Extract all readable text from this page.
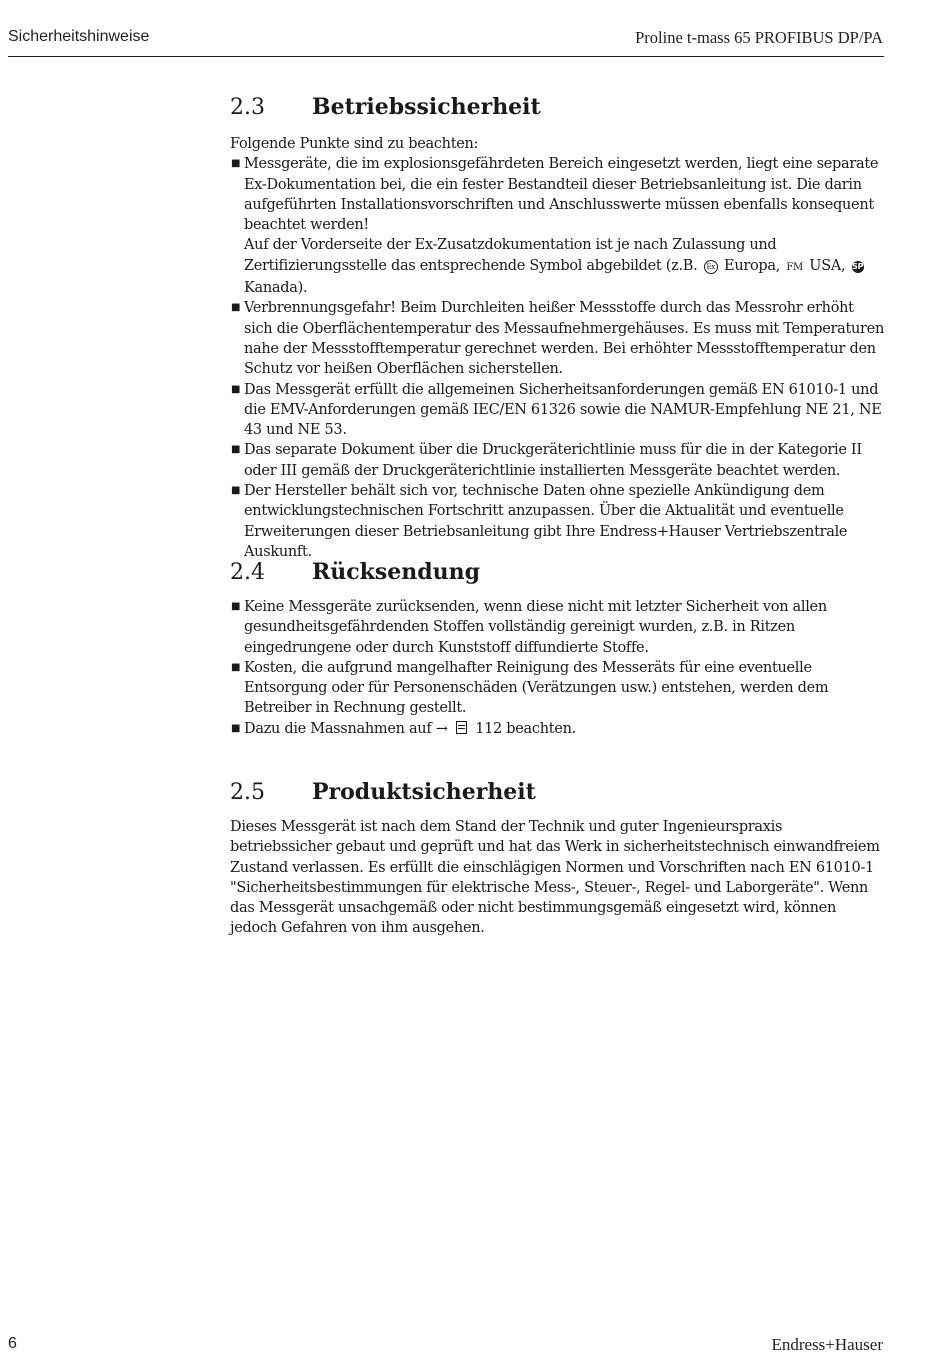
Sicherheitshinweise	Proline t-mass 65 PROFIBUS DP/PA
2.3 Betriebssicherheit
Folgende Punkte sind zu beachten:
■ Messgeräte, die im explosionsgefährdeten Bereich eingesetzt werden, liegt eine separate Ex-Dokumentation bei, die ein fester Bestandteil dieser Betriebsanleitung ist. Die darin aufgeführten Installationsvorschriften und Anschlusswerte müssen ebenfalls konsequent beachtet werden!
Auf der Vorderseite der Ex-Zusatzdokumentation ist je nach Zulassung und Zertifizierungsstelle das entsprechende Symbol abgebildet (z.B. Ex Europa, FM USA, SP Kanada).
■ Verbrennungsgefahr! Beim Durchleiten heißer Messstoffe durch das Messrohr erhöht sich die Oberflächentemperatur des Messaufnehmergehäuses. Es muss mit Temperaturen nahe der Messstofftemperatur gerechnet werden. Bei erhöhter Messstofftemperatur den Schutz vor heißen Oberflächen sicherstellen.
■ Das Messgerät erfüllt die allgemeinen Sicherheitsanforderungen gemäß EN 61010-1 und die EMV-Anforderungen gemäß IEC/EN 61326 sowie die NAMUR-Empfehlung NE 21, NE 43 und NE 53.
■ Das separate Dokument über die Druckgeräterichtlinie muss für die in der Kategorie II oder III gemäß der Druckgeräterichtlinie installierten Messgeräte beachtet werden.
■ Der Hersteller behält sich vor, technische Daten ohne spezielle Ankündigung dem entwicklungstechnischen Fortschritt anzupassen. Über die Aktualität und eventuelle Erweiterungen dieser Betriebsanleitung gibt Ihre Endress+Hauser Vertriebszentrale Auskunft.
2.4 Rücksendung
■ Keine Messgeräte zurücksenden, wenn diese nicht mit letzter Sicherheit von allen gesundheitsgefährdenden Stoffen vollständig gereinigt wurden, z.B. in Ritzen eingedrungene oder durch Kunststoff diffundierte Stoffe.
■ Kosten, die aufgrund mangelhafter Reinigung des Messeräts für eine eventuelle Entsorgung oder für Personenschäden (Verätzungen usw.) entstehen, werden dem Betreiber in Rechnung gestellt.
■ Dazu die Massnahmen auf → 112 beachten.
2.5 Produktsicherheit
Dieses Messgerät ist nach dem Stand der Technik und guter Ingenieurspraxis betriebssicher gebaut und geprüft und hat das Werk in sicherheitstechnisch einwandfreiem Zustand verlassen. Es erfüllt die einschlägigen Normen und Vorschriften nach EN 61010-1 "Sicherheitsbestimmungen für elektrische Mess-, Steuer-, Regel- und Laborgeräte". Wenn das Messgerät unsachgemäß oder nicht bestimmungsgemäß eingesetzt wird, können jedoch Gefahren von ihm ausgehen.
6	Endress+Hauser
